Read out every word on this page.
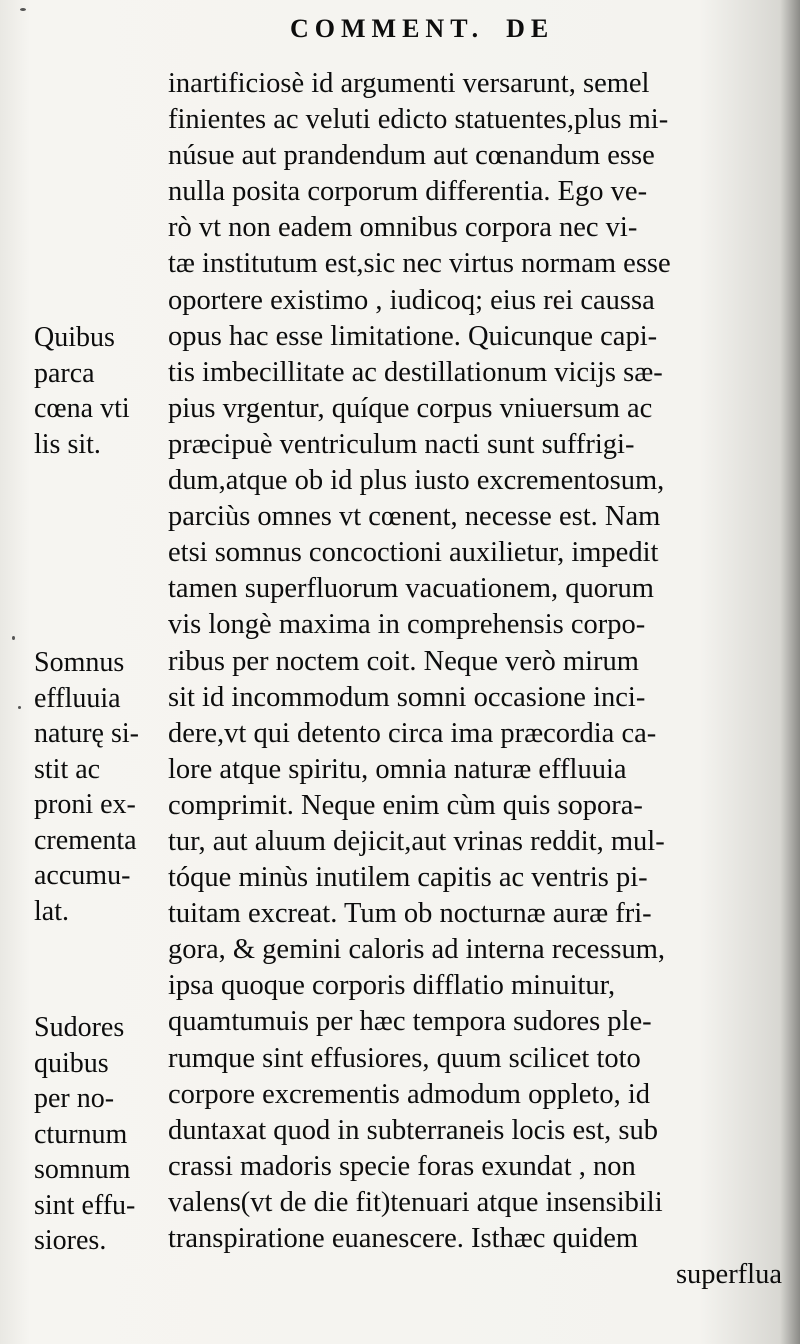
COMMENT. DE
inartificiosè id argumenti versarunt, semel
finientes ac veluti edicto statuentes,plus mi-
núsue aut prandendum aut cœnandum esse
nulla posita corporum differentia. Ego ve-
rò vt non eadem omnibus corpora nec vi-
tæ institutum est,sic nec virtus normam esse
oportere existimo , iudicoq; eius rei caussa
opus hac esse limitatione. Quicunque capi-
tis imbecillitate ac destillationum vicijs sæ-
pius vrgentur, quíque corpus vniuersum ac
præcipuè ventriculum nacti sunt suffrigi-
dum,atque ob id plus iusto excrementosum,
parciùs omnes vt cœnent, necesse est. Nam
etsi somnus concoctioni auxilietur, impedit
tamen superfluorum vacuationem, quorum
vis longè maxima in comprehensis corpo-
ribus per noctem coit. Neque verò mirum
sit id incommodum somni occasione inci-
dere,vt qui detento circa ima præcordia ca-
lore atque spiritu, omnia naturæ effluuia
comprimit. Neque enim cùm quis sopora-
tur, aut aluum dejicit,aut vrinas reddit, mul-
tóque minùs inutilem capitis ac ventris pi-
tuitam excreat. Tum ob nocturnæ auræ fri-
gora, & gemini caloris ad interna recessum,
ipsa quoque corporis difflatio minuitur,
quamtumuis per hæc tempora sudores ple-
rumque sint effusiores, quum scilicet toto
corpore excrementis admodum oppleto, id
duntaxat quod in subterraneis locis est, sub
crassi madoris specie foras exundat , non
valens(vt de die fit)tenuari atque insensibili
transpiratione euanescere. Isthæc quidem
superflua
Quibus
parca
cœna vti
lis sit.
Somnus
effluuia
naturę si-
stit ac
proni ex-
crementa
accumu-
lat.
Sudores
quibus
per no-
cturnum
somnum
sint effu-
siores.
